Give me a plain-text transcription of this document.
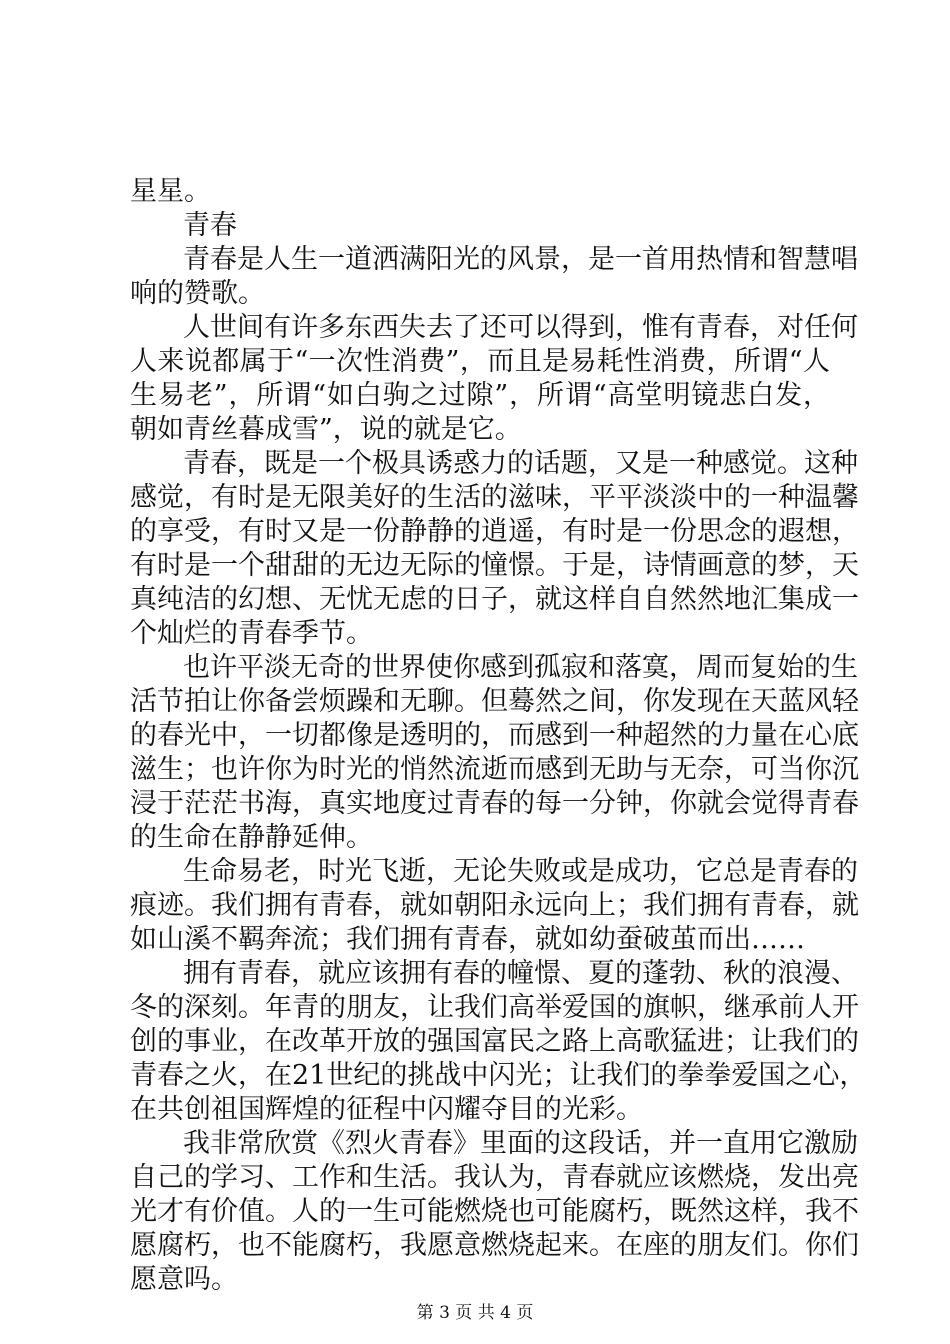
星星。
青春
青春是人生一道洒满阳光的风景，是一首用热情和智慧唱
响的赞歌。
人世间有许多东西失去了还可以得到，惟有青春，对任何
人来说都属于“一次性消费”，而且是易耗性消费，所谓“人
生易老”，所谓“如白驹之过隙”，所谓“高堂明镜悲白发，
朝如青丝暮成雪”，说的就是它。
青春，既是一个极具诱惑力的话题，又是一种感觉。这种
感觉，有时是无限美好的生活的滋味，平平淡淡中的一种温馨
的享受，有时又是一份静静的逍遥，有时是一份思念的遐想，
有时是一个甜甜的无边无际的憧憬。于是，诗情画意的梦，天
真纯洁的幻想、无忧无虑的日子，就这样自自然然地汇集成一
个灿烂的青春季节。
也许平淡无奇的世界使你感到孤寂和落寞，周而复始的生
活节拍让你备尝烦躁和无聊。但蓦然之间，你发现在天蓝风轻
的春光中，一切都像是透明的，而感到一种超然的力量在心底
滋生；也许你为时光的悄然流逝而感到无助与无奈，可当你沉
浸于茫茫书海，真实地度过青春的每一分钟，你就会觉得青春
的生命在静静延伸。
生命易老，时光飞逝，无论失败或是成功，它总是青春的
痕迹。我们拥有青春，就如朝阳永远向上；我们拥有青春，就
如山溪不羁奔流；我们拥有青春，就如幼蚕破茧而出……
拥有青春，就应该拥有春的幢憬、夏的蓬勃、秋的浪漫、
冬的深刻。年青的朋友，让我们高举爱国的旗帜，继承前人开
创的事业，在改革开放的强国富民之路上高歌猛进；让我们的
青春之火，在21世纪的挑战中闪光；让我们的拳拳爱国之心，
在共创祖国辉煌的征程中闪耀夺目的光彩。
我非常欣赏《烈火青春》里面的这段话，并一直用它激励
自己的学习、工作和生活。我认为，青春就应该燃烧，发出亮
光才有价值。人的一生可能燃烧也可能腐朽，既然这样，我不
愿腐朽，也不能腐朽，我愿意燃烧起来。在座的朋友们。你们
愿意吗。
第 3 页 共 4 页
